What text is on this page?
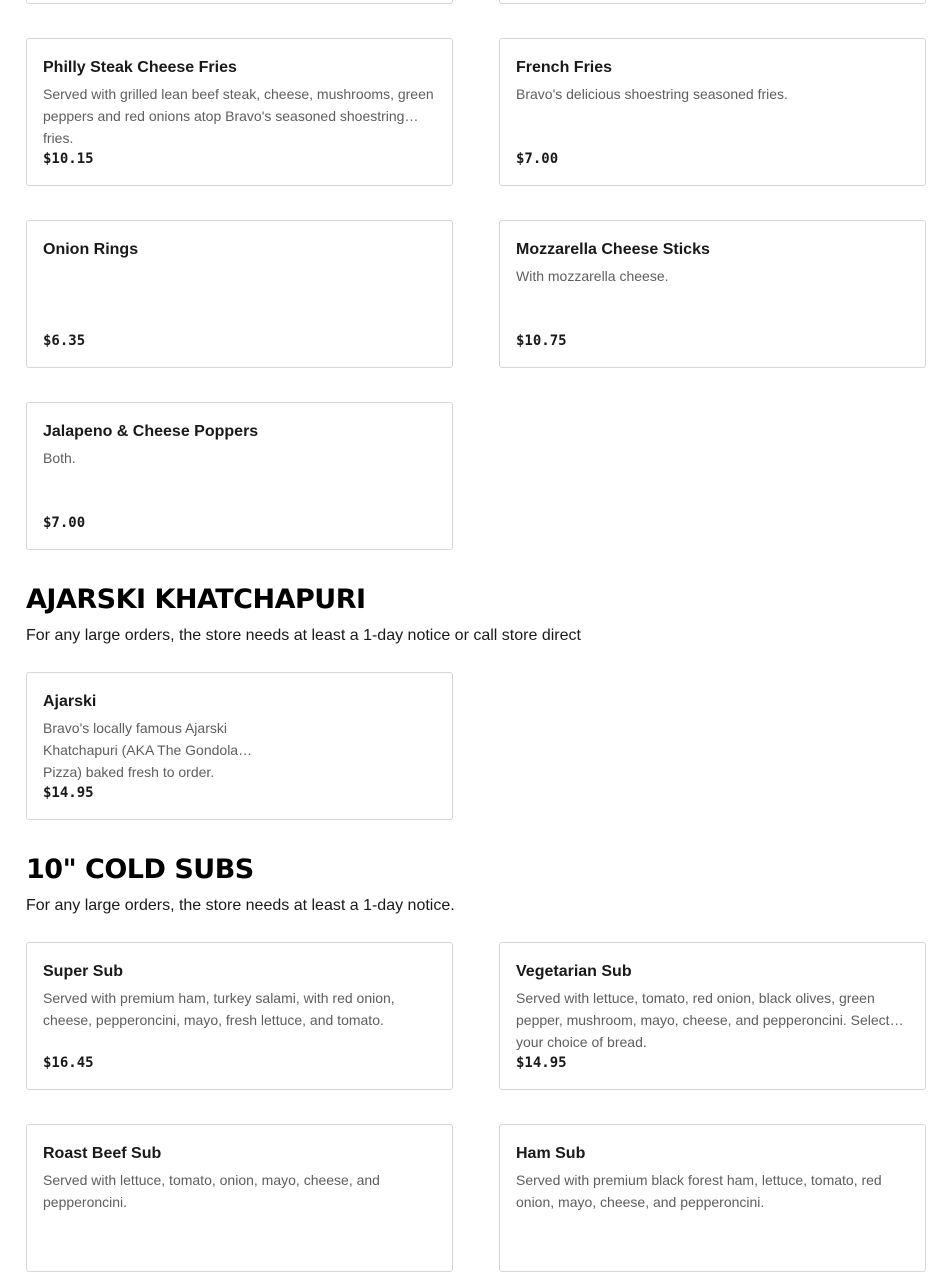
Philly Steak Cheese Fries
Served with grilled lean beef steak, cheese, mushrooms, green peppers and red onions atop Bravo's seasoned shoestring fries.
$10.15
French Fries
Bravo's delicious shoestring seasoned fries.
$7.00
Onion Rings
$6.35
Mozzarella Cheese Sticks
With mozzarella cheese.
$10.75
Jalapeno & Cheese Poppers
Both.
$7.00
AJARSKI KHATCHAPURI

For any large orders, the store needs at least a 1-day notice or call store direct

Ajarski
Bravo's locally famous Ajarski Khatchapuri (AKA The Gondola Pizza) baked fresh to order.
$14.95
10" COLD SUBS

For any large orders, the store needs at least a 1-day notice.

Super Sub
Served with premium ham, turkey salami, with red onion, cheese, pepperoncini, mayo, fresh lettuce, and tomato.
$16.45
Vegetarian Sub
Served with lettuce, tomato, red onion, black olives, green pepper, mushroom, mayo, cheese, and pepperoncini. Select your choice of bread.
$14.95
Roast Beef Sub
Served with lettuce, tomato, onion, mayo, cheese, and pepperoncini.
Ham Sub
Served with premium black forest ham, lettuce, tomato, red onion, mayo, cheese, and pepperoncini.
